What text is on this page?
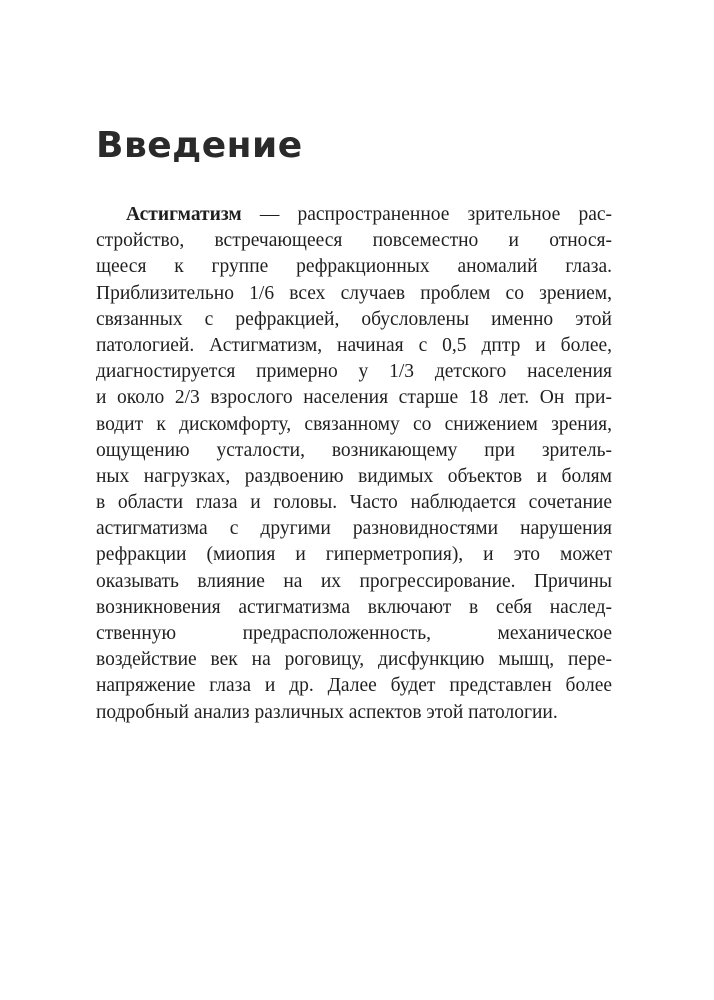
Введение
Астигматизм — распространенное зрительное рас-
стройство, встречающееся повсеместно и относя-
щееся к группе рефракционных аномалий глаза.
Приблизительно 1/6 всех случаев проблем со зрением,
связанных с рефракцией, обусловлены именно этой
патологией. Астигматизм, начиная с 0,5 дптр и более,
диагностируется примерно у 1/3 детского населения
и около 2/3 взрослого населения старше 18 лет. Он при-
водит к дискомфорту, связанному со снижением зрения,
ощущению усталости, возникающему при зритель-
ных нагрузках, раздвоению видимых объектов и болям
в области глаза и головы. Часто наблюдается сочетание
астигматизма с другими разновидностями нарушения
рефракции (миопия и гиперметропия), и это может
оказывать влияние на их прогрессирование. Причины
возникновения астигматизма включают в себя наслед-
ственную предрасположенность, механическое
воздействие век на роговицу, дисфункцию мышц, пере-
напряжение глаза и др. Далее будет представлен более
подробный анализ различных аспектов этой патологии.
